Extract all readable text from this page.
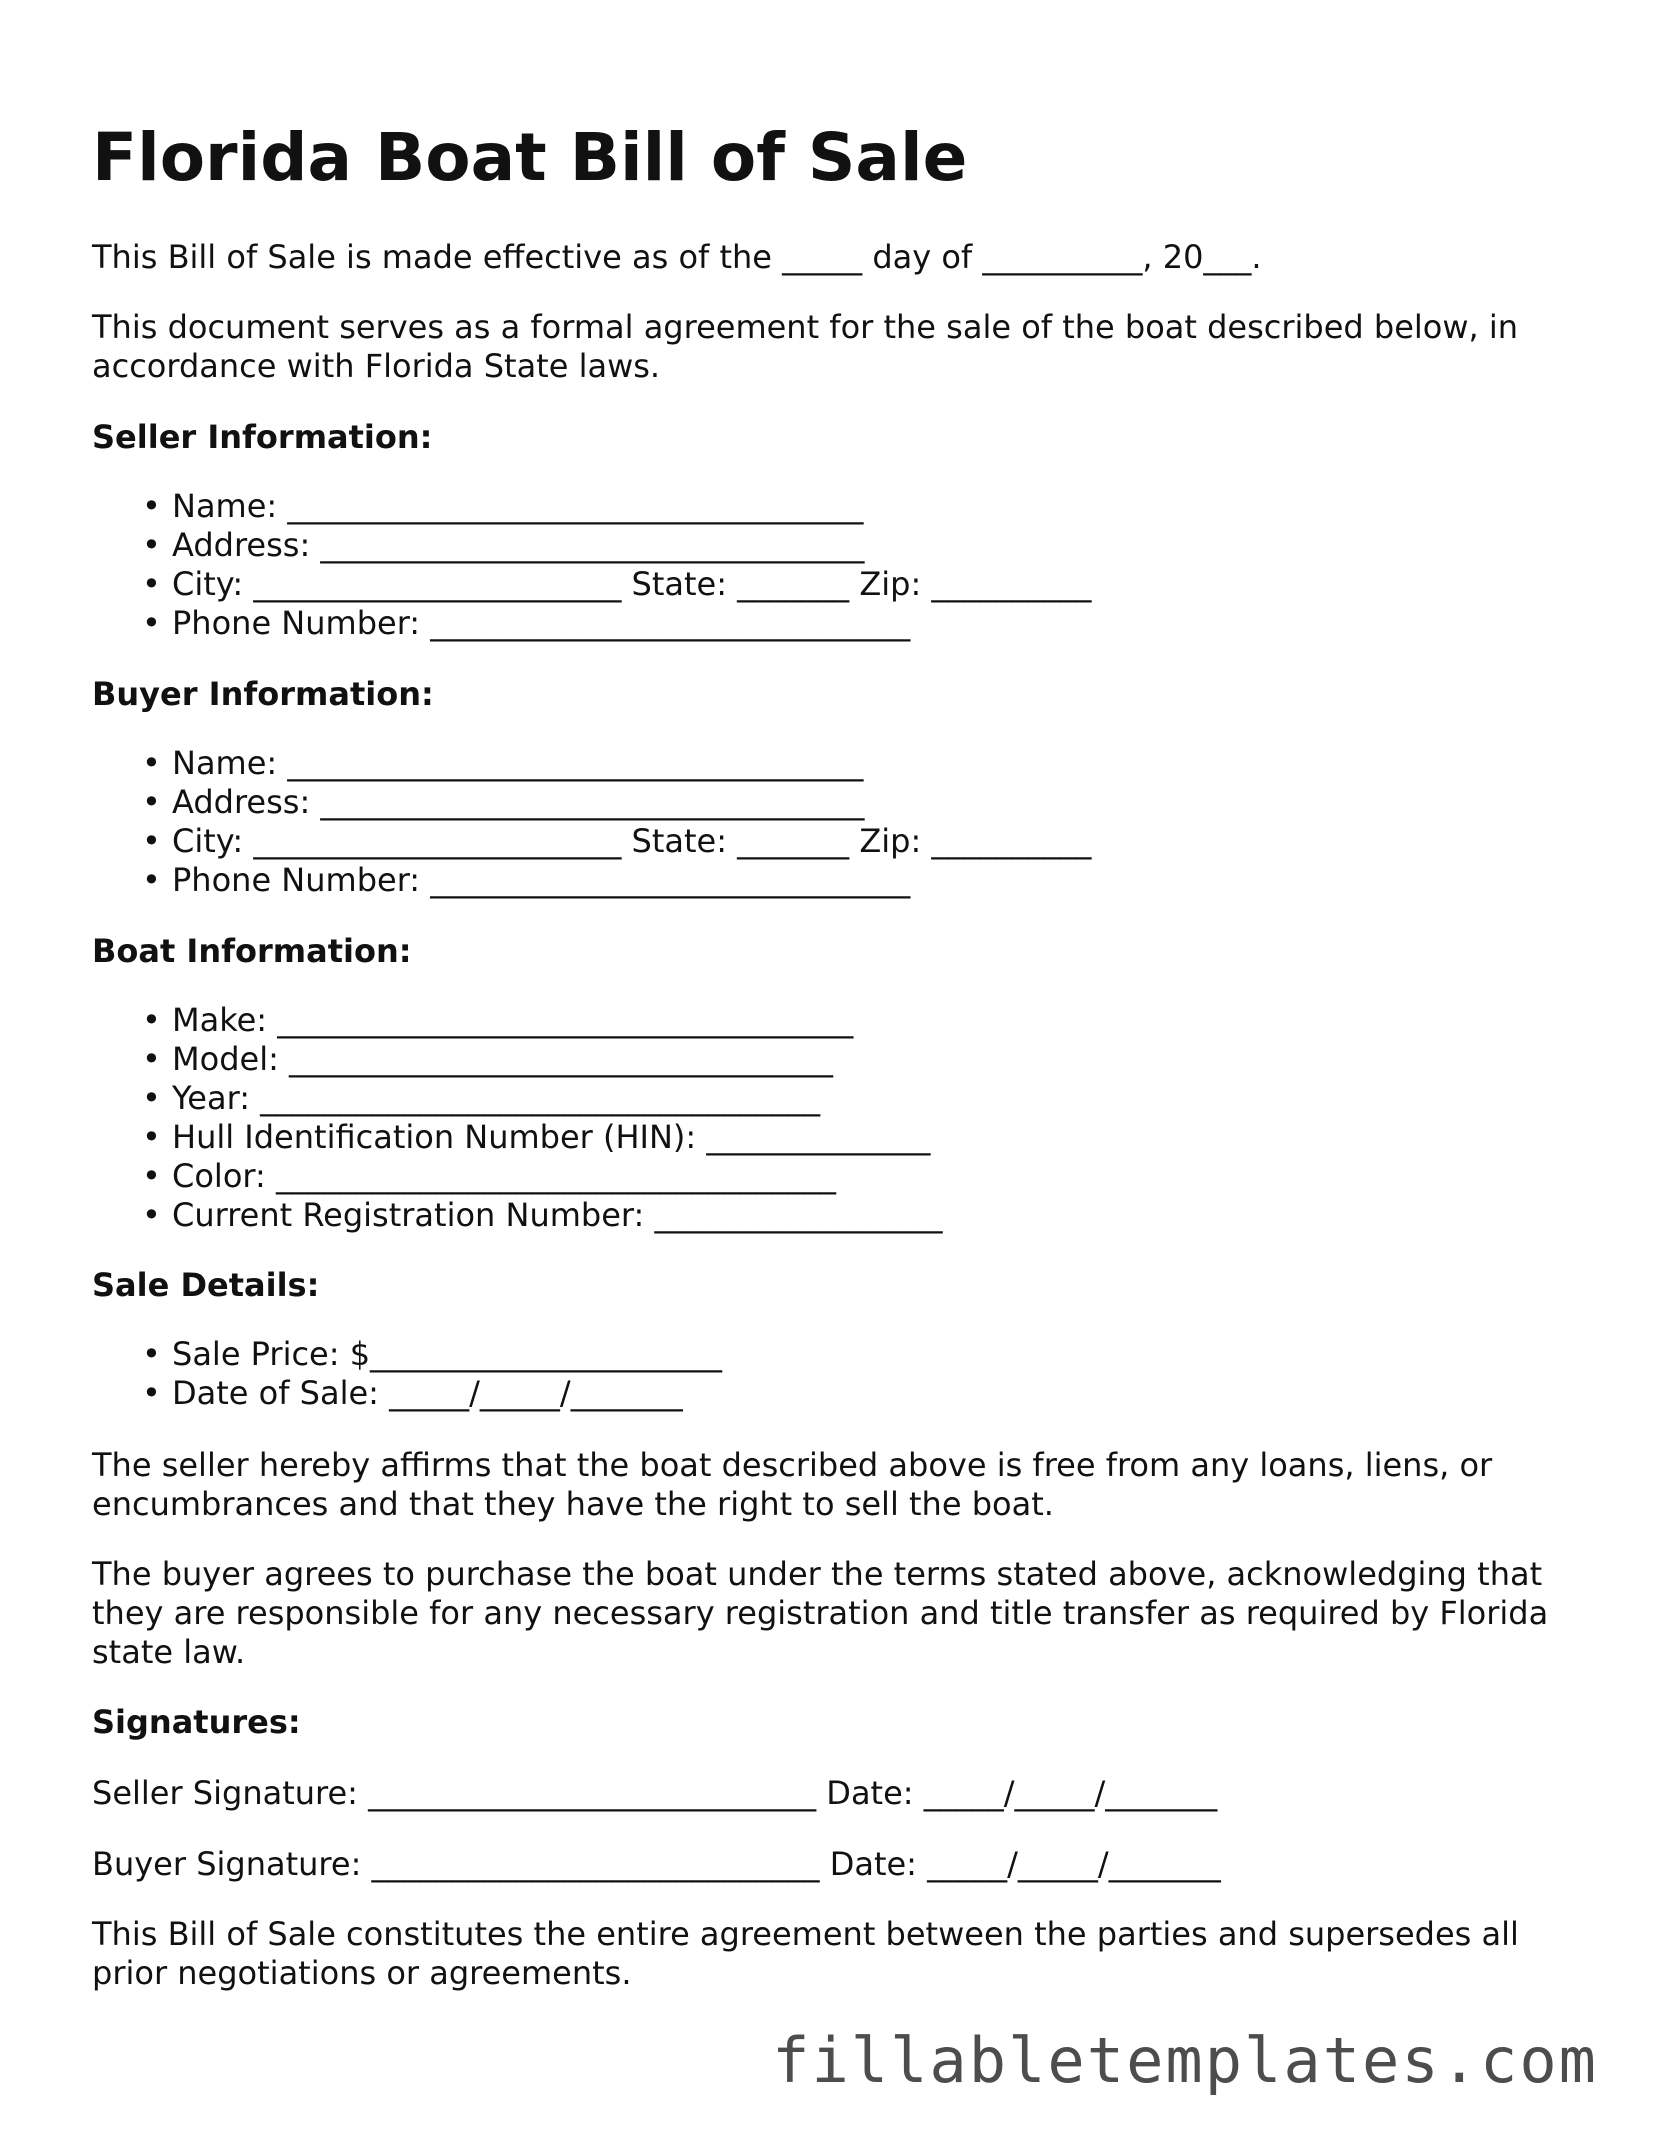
Florida Boat Bill of Sale

This Bill of Sale is made effective as of the _____ day of __________, 20___.

This document serves as a formal agreement for the sale of the boat described below, in

accordance with Florida State laws.

Seller Information:
• Name: ____________________________________
• Address: __________________________________
• City: _______________________ State: _______ Zip: __________
• Phone Number: ______________________________
Buyer Information:
• Name: ____________________________________
• Address: __________________________________
• City: _______________________ State: _______ Zip: __________
• Phone Number: ______________________________
Boat Information:
• Make: ____________________________________
• Model: __________________________________
• Year: ___________________________________
• Hull Identification Number (HIN): ______________
• Color: ___________________________________
• Current Registration Number: __________________
Sale Details:
• Sale Price: $______________________
• Date of Sale: _____/_____/_______

The seller hereby affirms that the boat described above is free from any loans, liens, or

encumbrances and that they have the right to sell the boat.

The buyer agrees to purchase the boat under the terms stated above, acknowledging that

they are responsible for any necessary registration and title transfer as required by Florida

state law.

Signatures:

Seller Signature: ____________________________ Date: _____/_____/_______

Buyer Signature: ____________________________ Date: _____/_____/_______

This Bill of Sale constitutes the entire agreement between the parties and supersedes all

prior negotiations or agreements.

fillabletemplates.com
